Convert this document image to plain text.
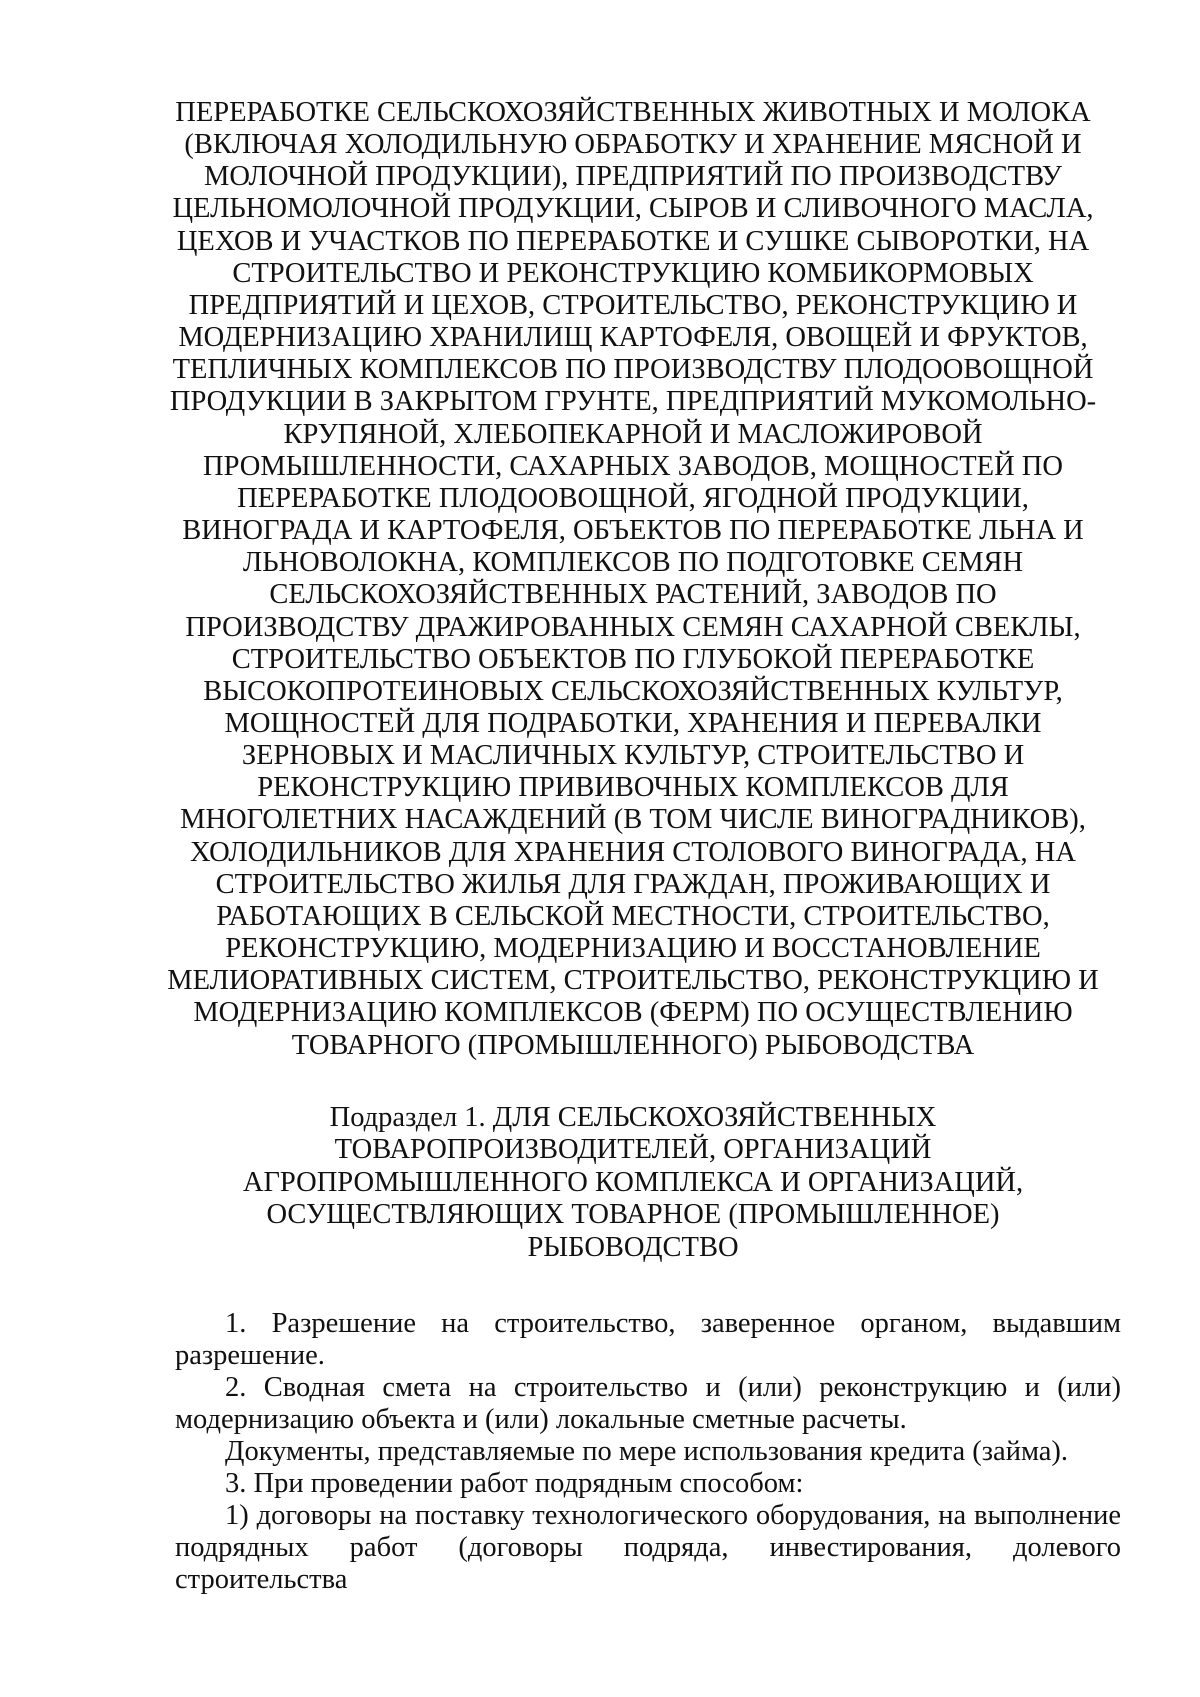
ПЕРЕРАБОТКЕ СЕЛЬСКОХОЗЯЙСТВЕННЫХ ЖИВОТНЫХ И МОЛОКА
(ВКЛЮЧАЯ ХОЛОДИЛЬНУЮ ОБРАБОТКУ И ХРАНЕНИЕ МЯСНОЙ И
МОЛОЧНОЙ ПРОДУКЦИИ), ПРЕДПРИЯТИЙ ПО ПРОИЗВОДСТВУ
ЦЕЛЬНОМОЛОЧНОЙ ПРОДУКЦИИ, СЫРОВ И СЛИВОЧНОГО МАСЛА,
ЦЕХОВ И УЧАСТКОВ ПО ПЕРЕРАБОТКЕ И СУШКЕ СЫВОРОТКИ, НА
СТРОИТЕЛЬСТВО И РЕКОНСТРУКЦИЮ КОМБИКОРМОВЫХ
ПРЕДПРИЯТИЙ И ЦЕХОВ, СТРОИТЕЛЬСТВО, РЕКОНСТРУКЦИЮ И
МОДЕРНИЗАЦИЮ ХРАНИЛИЩ КАРТОФЕЛЯ, ОВОЩЕЙ И ФРУКТОВ,
ТЕПЛИЧНЫХ КОМПЛЕКСОВ ПО ПРОИЗВОДСТВУ ПЛОДООВОЩНОЙ
ПРОДУКЦИИ В ЗАКРЫТОМ ГРУНТЕ, ПРЕДПРИЯТИЙ МУКОМОЛЬНО-
КРУПЯНОЙ, ХЛЕБОПЕКАРНОЙ И МАСЛОЖИРОВОЙ
ПРОМЫШЛЕННОСТИ, САХАРНЫХ ЗАВОДОВ, МОЩНОСТЕЙ ПО
ПЕРЕРАБОТКЕ ПЛОДООВОЩНОЙ, ЯГОДНОЙ ПРОДУКЦИИ,
ВИНОГРАДА И КАРТОФЕЛЯ, ОБЪЕКТОВ ПО ПЕРЕРАБОТКЕ ЛЬНА И
ЛЬНОВОЛОКНА, КОМПЛЕКСОВ ПО ПОДГОТОВКЕ СЕМЯН
СЕЛЬСКОХОЗЯЙСТВЕННЫХ РАСТЕНИЙ, ЗАВОДОВ ПО
ПРОИЗВОДСТВУ ДРАЖИРОВАННЫХ СЕМЯН САХАРНОЙ СВЕКЛЫ,
СТРОИТЕЛЬСТВО ОБЪЕКТОВ ПО ГЛУБОКОЙ ПЕРЕРАБОТКЕ
ВЫСОКОПРОТЕИНОВЫХ СЕЛЬСКОХОЗЯЙСТВЕННЫХ КУЛЬТУР,
МОЩНОСТЕЙ ДЛЯ ПОДРАБОТКИ, ХРАНЕНИЯ И ПЕРЕВАЛКИ
ЗЕРНОВЫХ И МАСЛИЧНЫХ КУЛЬТУР, СТРОИТЕЛЬСТВО И
РЕКОНСТРУКЦИЮ ПРИВИВОЧНЫХ КОМПЛЕКСОВ ДЛЯ
МНОГОЛЕТНИХ НАСАЖДЕНИЙ (В ТОМ ЧИСЛЕ ВИНОГРАДНИКОВ),
ХОЛОДИЛЬНИКОВ ДЛЯ ХРАНЕНИЯ СТОЛОВОГО ВИНОГРАДА, НА
СТРОИТЕЛЬСТВО ЖИЛЬЯ ДЛЯ ГРАЖДАН, ПРОЖИВАЮЩИХ И
РАБОТАЮЩИХ В СЕЛЬСКОЙ МЕСТНОСТИ, СТРОИТЕЛЬСТВО,
РЕКОНСТРУКЦИЮ, МОДЕРНИЗАЦИЮ И ВОССТАНОВЛЕНИЕ
МЕЛИОРАТИВНЫХ СИСТЕМ, СТРОИТЕЛЬСТВО, РЕКОНСТРУКЦИЮ И
МОДЕРНИЗАЦИЮ КОМПЛЕКСОВ (ФЕРМ) ПО ОСУЩЕСТВЛЕНИЮ
ТОВАРНОГО (ПРОМЫШЛЕННОГО) РЫБОВОДСТВА
Подраздел 1. ДЛЯ СЕЛЬСКОХОЗЯЙСТВЕННЫХ
ТОВАРОПРОИЗВОДИТЕЛЕЙ, ОРГАНИЗАЦИЙ
АГРОПРОМЫШЛЕННОГО КОМПЛЕКСА И ОРГАНИЗАЦИЙ,
ОСУЩЕСТВЛЯЮЩИХ ТОВАРНОЕ (ПРОМЫШЛЕННОЕ)
РЫБОВОДСТВО

1. Разрешение на строительство, заверенное органом, выдавшим разрешение.

2. Сводная смета на строительство и (или) реконструкцию и (или) модернизацию объекта и (или) локальные сметные расчеты.

Документы, представляемые по мере использования кредита (займа).

3. При проведении работ подрядным способом:

1) договоры на поставку технологического оборудования, на выполнение подрядных работ (договоры подряда, инвестирования, долевого строительства
